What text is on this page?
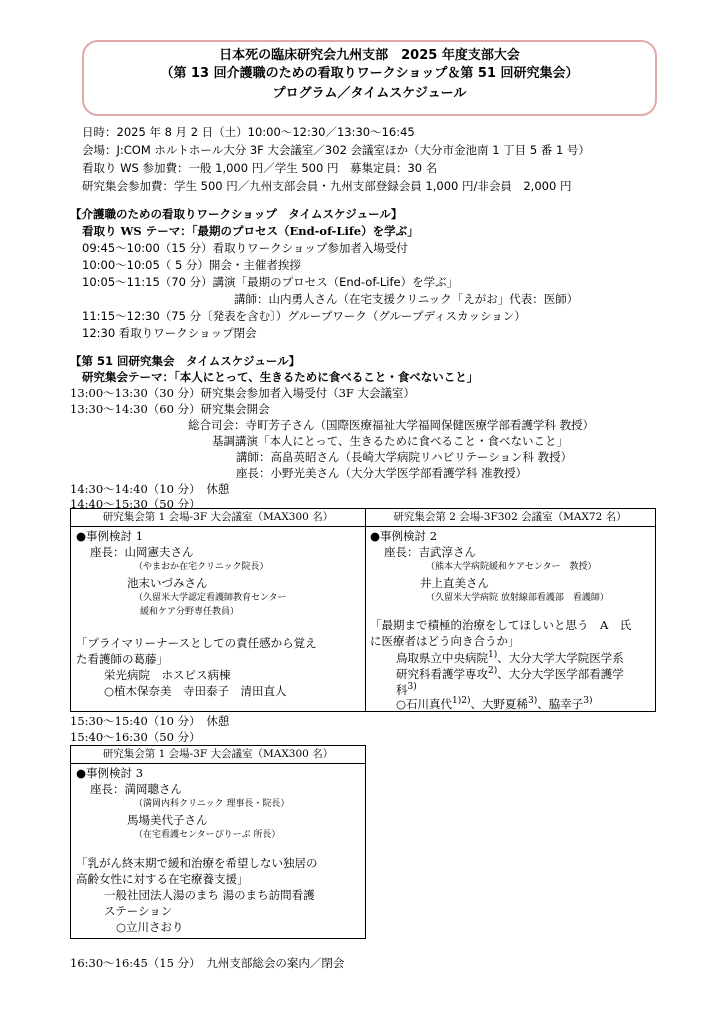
日本死の臨床研究会九州支部　2025 年度支部大会
（第 13 回介護職のための看取りワークショップ＆第 51 回研究集会）
プログラム／タイムスケジュール
日時：2025 年 8 月 2 日（土）10:00～12:30／13:30～16:45
会場：J:COM ホルトホール大分 3F 大会議室／302 会議室ほか（大分市金池南 1 丁目 5 番 1 号）
看取り WS 参加費：一般 1,000 円／学生 500 円　募集定員：30 名
研究集会参加費：学生 500 円／九州支部会員・九州支部登録会員 1,000 円/非会員　2,000 円
【介護職のための看取りワークショップ　タイムスケジュール】
看取り WS テーマ：「最期のプロセス（End-of-Life）を学ぶ」
09:45～10:00（15 分）看取りワークショップ参加者入場受付
10:00～10:05（ 5 分）開会・主催者挨拶
10:05～11:15（70 分）講演「最期のプロセス（End-of-Life）を学ぶ」
講師：山内勇人さん（在宅支援クリニック「えがお」代表：医師）
11:15～12:30（75 分〔発表を含む〕）グループワーク（グループディスカッション）
12:30 看取りワークショップ閉会
【第 51 回研究集会　タイムスケジュール】
研究集会テーマ：「本人にとって、生きるために食べること・食べないこと」
13:00～13:30（30 分）研究集会参加者入場受付（3F 大会議室）
13:30～14:30（60 分）研究集会開会
総合司会：寺町芳子さん（国際医療福祉大学福岡保健医療学部看護学科 教授）
基調講演「本人にとって、生きるために食べること・食べないこと」
講師：高畠英昭さん（長崎大学病院リハビリテーション科 教授）
座長：小野光美さん（大分大学医学部看護学科 准教授）
14:30～14:40（10 分）　休憩
14:40～15:30（50 分）
研究集会第 1 会場-3F 大会議室（MAX300 名）	研究集会第 2 会場-3F302 会議室（MAX72 名）
●事例検討 1
座長：山岡憲夫さん
（やまおか在宅クリニック院長）
池末いづみさん
（久留米大学認定看護師教育センター
緩和ケア分野専任教員）
「プライマリーナースとしての責任感から覚え
た看護師の葛藤」
栄光病院　ホスピス病棟
○植木保奈美　寺田泰子　清田直人
●事例検討 2
座長：吉武淳さん
（熊本大学病院緩和ケアセンター　教授）
井上直美さん
（久留米大学病院 放射線部看護部　看護師）
「最期まで積極的治療をしてほしいと思う　A　氏
に医療者はどう向き合うか」
鳥取県立中央病院$^{1)}$、大分大学大学院医学系
研究科看護学専攻$^{2)}$、大分大学医学部看護学
科$^{3)}$
○石川真代$^{1)2)}$、大野夏稀$^{3)}$、脇幸子$^{3)}$
15:30～15:40（10 分）　休憩
15:40～16:30（50 分）
研究集会第 1 会場-3F 大会議室（MAX300 名）
●事例検討 3
座長：満岡聰さん
（満岡内科クリニック 理事長・院長）
馬場美代子さん
（在宅看護センターぴりーぷ 所長）
「乳がん終末期で緩和治療を希望しない独居の
高齢女性に対する在宅療養支援」
一般社団法人湯のまち 湯のまち訪問看護
ステーション
○立川さおり
16:30～16:45（15 分）　九州支部総会の案内／閉会
